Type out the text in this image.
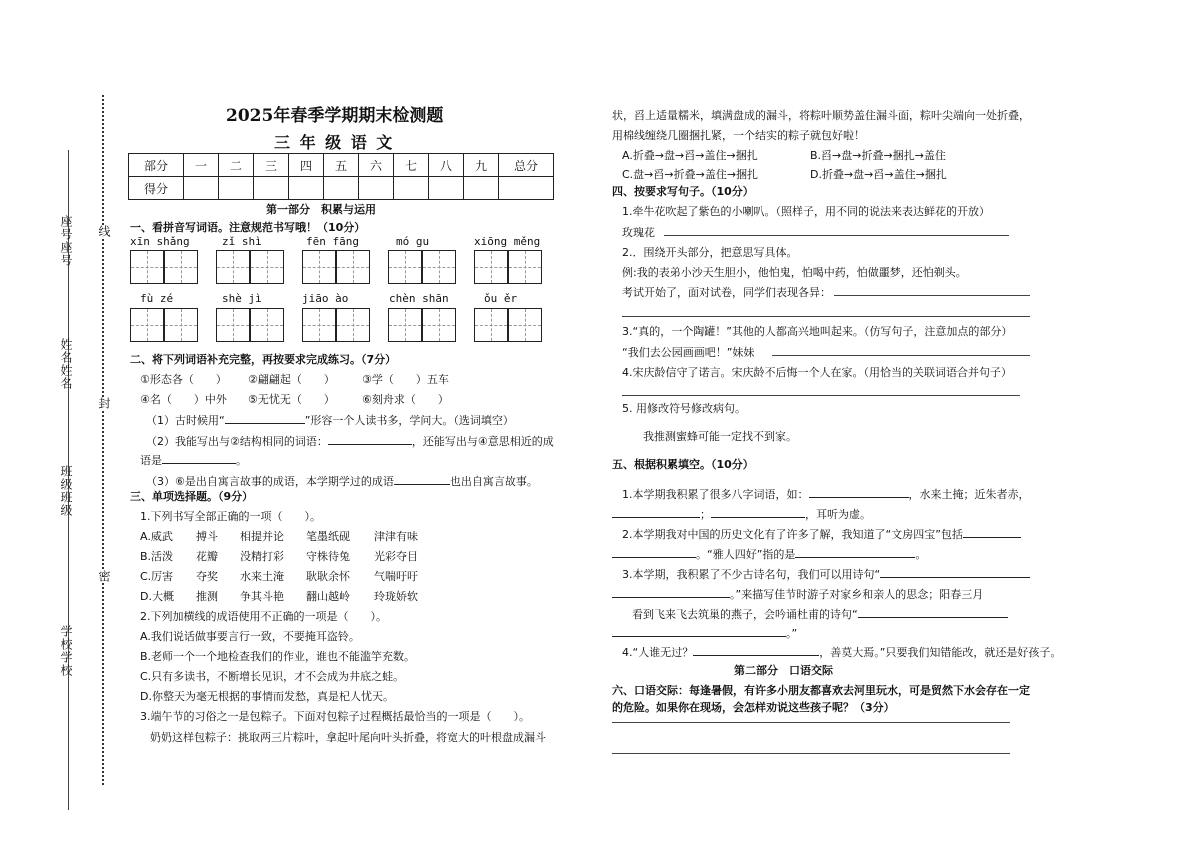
座号座号 线
姓名姓名
封
班级班级
密
学校学校
2025年春季学期期末检测题
三 年 级 语 文
部分	一	二	三	四	五	六	七	八	九	总分
得分										
第一部分　积累与运用
一、看拼音写词语。注意规范书写哦！（10分）
xīn shǎng	zǐ shì	fēn fāng	mó gu	xiōng měng
fù zé	shè jì	jiāo ào	chèn shān	ǒu ěr
二、将下列词语补充完整，再按要求完成练习。（7分）
①形态各（　　） ②翩翩起（　　） ③学（　　）五车
④名（　　）中外 ⑤无忧无（　　） ⑥刻舟求（　　）
（1）古时候用“	”形容一个人读书多，学问大。（选词填空）
（2）我能写出与②结构相同的词语：	，还能写出与④意思相近的成
语是	。
（3）⑥是出自寓言故事的成语，本学期学过的成语	也出自寓言故事。
三、单项选择题。（9分）
1.下列书写全部正确的一项（　　）。
A.威武 搏斗 相提并论 笔墨纸砚 津津有味
B.活泼 花瓣 没精打彩 守株待兔 光彩夺目
C.厉害 夺奖 水来土淹 耿耿余怀 气喘吁吁
D.大概 推测 争其斗艳 翻山越岭 玲珑娇软
2.下列加横线的成语使用不正确的一项是（　　）。
A.我们说话做事要言行一致，不要掩耳盗铃。
B.老师一个一个地检查我们的作业，谁也不能滥竽充数。
C.只有多读书，不断增长见识，才不会成为井底之蛙。
D.你整天为毫无根据的事情而发愁，真是杞人忧天。
3.端午节的习俗之一是包粽子。下面对包粽子过程概括最恰当的一项是（　　）。
奶奶这样包粽子：挑取两三片粽叶，拿起叶尾向叶头折叠，将宽大的叶根盘成漏斗
状，舀上适量糯米，填满盘成的漏斗，将粽叶顺势盖住漏斗面，粽叶尖端向一处折叠，
用棉线缠绕几圈捆扎紧，一个结实的粽子就包好啦！
A.折叠→盘→舀→盖住→捆扎	B.舀→盘→折叠→捆扎→盖住
C.盘→舀→折叠→盖住→捆扎	D.折叠→盘→舀→盖住→捆扎
四、按要求写句子。（10分）
1.牵牛花吹起了紫色的小喇叭。（照样子，用不同的说法来表达鲜花的开放）
玫瑰花
2.．围绕开头部分，把意思写具体。
例:我的表弟小沙天生胆小，他怕鬼，怕喝中药，怕做噩梦，还怕剃头。
考试开始了，面对试卷，同学们表现各异：
3.“真的，一个陶罐！”其他的人都高兴地叫起来。（仿写句子，注意加点的部分）
“我们去公园画画吧！”妹妹
4.宋庆龄信守了诺言。宋庆龄不后悔一个人在家。（用恰当的关联词语合并句子）
5. 用修改符号修改病句。
我推测蜜蜂可能一定找不到家。
五、根据积累填空。（10分）
1.本学期我积累了很多八字词语，如：	，水来土掩；近朱者赤，
；	，耳听为虚。
2.本学期我对中国的历史文化有了许多了解，我知道了“文房四宝”包括
。“雅人四好”指的是	。
3.本学期，我积累了不少古诗名句，我们可以用诗句“
。”来描写佳节时游子对家乡和亲人的思念；阳春三月
看到飞来飞去筑巢的燕子，会吟诵杜甫的诗句“
。”
4.“人谁无过？	，善莫大焉。”只要我们知错能改，就还是好孩子。
第二部分　口语交际
六、口语交际：每逢暑假，有许多小朋友都喜欢去河里玩水，可是贸然下水会存在一定
的危险。如果你在现场，会怎样劝说这些孩子呢？（3分）
